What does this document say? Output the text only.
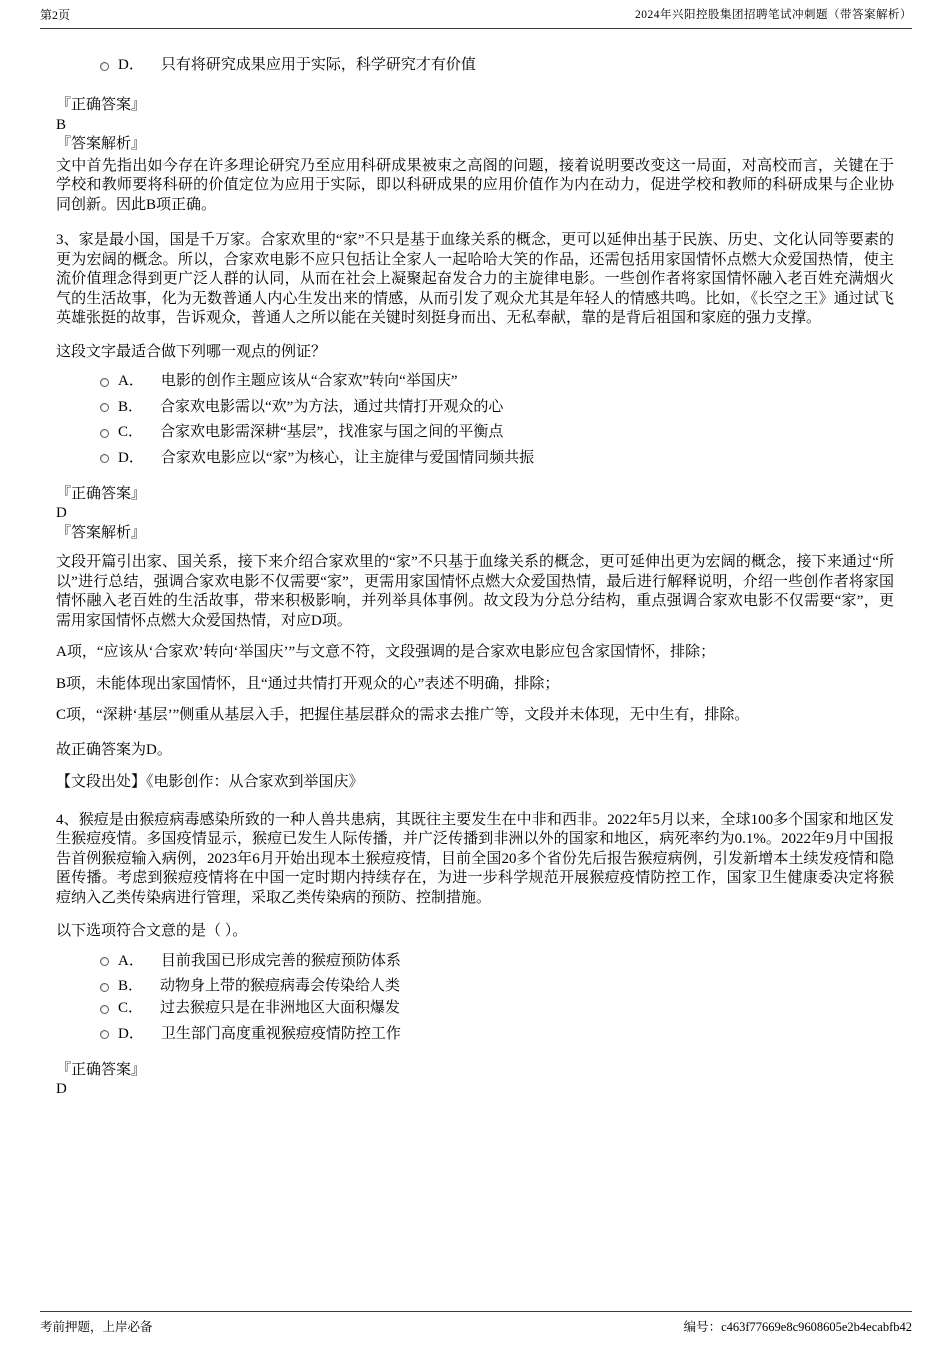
第2页	2024年兴阳控股集团招聘笔试冲刺题（带答案解析）
D． 只有将研究成果应用于实际，科学研究才有价值
『正确答案』
B
『答案解析』

文中首先指出如今存在许多理论研究乃至应用科研成果被束之高阁的问题，接着说明要改变这一局面，对高校而言，关键在于学校和教师要将科研的价值定位为应用于实际，即以科研成果的应用价值作为内在动力，促进学校和教师的科研成果与企业协同创新。因此B项正确。

3、家是最小国，国是千万家。合家欢里的“家”不只是基于血缘关系的概念，更可以延伸出基于民族、历史、文化认同等要素的更为宏阔的概念。所以，合家欢电影不应只包括让全家人一起哈哈大笑的作品，还需包括用家国情怀点燃大众爱国热情，使主流价值理念得到更广泛人群的认同，从而在社会上凝聚起奋发合力的主旋律电影。一些创作者将家国情怀融入老百姓充满烟火气的生活故事，化为无数普通人内心生发出来的情感，从而引发了观众尤其是年轻人的情感共鸣。比如，《长空之王》通过试飞英雄张挺的故事，告诉观众，普通人之所以能在关键时刻挺身而出、无私奉献，靠的是背后祖国和家庭的强力支撑。

这段文字最适合做下列哪一观点的例证？
A． 电影的创作主题应该从“合家欢”转向“举国庆”
B． 合家欢电影需以“欢”为方法，通过共情打开观众的心
C． 合家欢电影需深耕“基层”，找准家与国之间的平衡点
D． 合家欢电影应以“家”为核心，让主旋律与爱国情同频共振
『正确答案』
D
『答案解析』

文段开篇引出家、国关系，接下来介绍合家欢里的“家”不只基于血缘关系的概念，更可延伸出更为宏阔的概念，接下来通过“所以”进行总结，强调合家欢电影不仅需要“家”，更需用家国情怀点燃大众爱国热情，最后进行解释说明，介绍一些创作者将家国情怀融入老百姓的生活故事，带来积极影响，并列举具体事例。故文段为分总分结构，重点强调合家欢电影不仅需要“家”，更需用家国情怀点燃大众爱国热情，对应D项。

A项，“应该从‘合家欢’转向‘举国庆’”与文意不符，文段强调的是合家欢电影应包含家国情怀，排除；

B项，未能体现出家国情怀，且“通过共情打开观众的心”表述不明确，排除；

C项，“深耕‘基层’”侧重从基层入手，把握住基层群众的需求去推广等，文段并未体现，无中生有，排除。

故正确答案为D。
【文段出处】《电影创作：从合家欢到举国庆》

4、猴痘是由猴痘病毒感染所致的一种人兽共患病，其既往主要发生在中非和西非。2022年5月以来，全球100多个国家和地区发生猴痘疫情。多国疫情显示，猴痘已发生人际传播，并广泛传播到非洲以外的国家和地区，病死率约为0.1%。2022年9月中国报告首例猴痘输入病例，2023年6月开始出现本土猴痘疫情，目前全国20多个省份先后报告猴痘病例，引发新增本土续发疫情和隐匿传播。考虑到猴痘疫情将在中国一定时期内持续存在，为进一步科学规范开展猴痘疫情防控工作，国家卫生健康委决定将猴痘纳入乙类传染病进行管理，采取乙类传染病的预防、控制措施。

以下选项符合文意的是（ ）。
A． 目前我国已形成完善的猴痘预防体系
B． 动物身上带的猴痘病毒会传染给人类
C． 过去猴痘只是在非洲地区大面积爆发
D． 卫生部门高度重视猴痘疫情防控工作
『正确答案』
D
考前押题，上岸必备	编号：c463f77669e8c9608605e2b4ecabfb42
